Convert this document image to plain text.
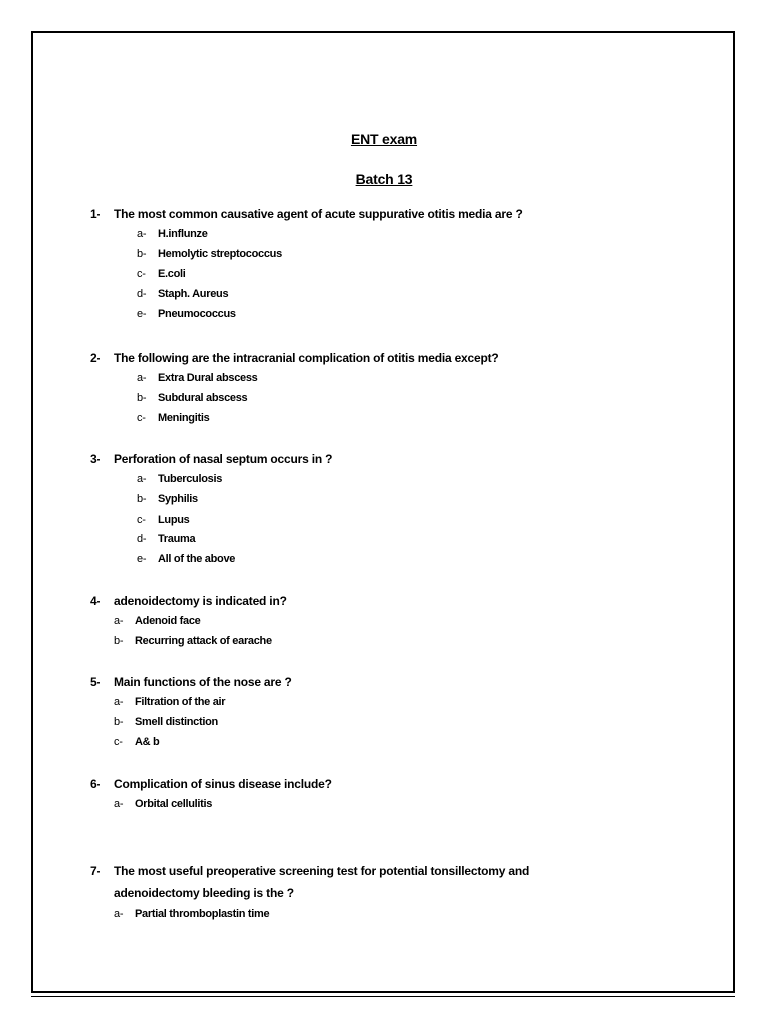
ENT exam
Batch 13
1- The most common causative agent of acute suppurative otitis media are ?
a- H.influnze
b- Hemolytic streptococcus
c- E.coli
d- Staph. Aureus
e- Pneumococcus
2- The following are the intracranial complication of otitis media except?
a- Extra Dural abscess
b- Subdural abscess
c- Meningitis
3- Perforation of nasal septum occurs in ?
a- Tuberculosis
b- Syphilis
c- Lupus
d- Trauma
e- All of the above
4- adenoidectomy is indicated in?
a- Adenoid face
b- Recurring attack of earache
5- Main functions of the nose are ?
a- Filtration of the air
b- Smell distinction
c- A& b
6- Complication of sinus disease include?
a- Orbital cellulitis
7- The most useful preoperative screening test for potential tonsillectomy and
adenoidectomy bleeding is the ?
a- Partial thromboplastin time
